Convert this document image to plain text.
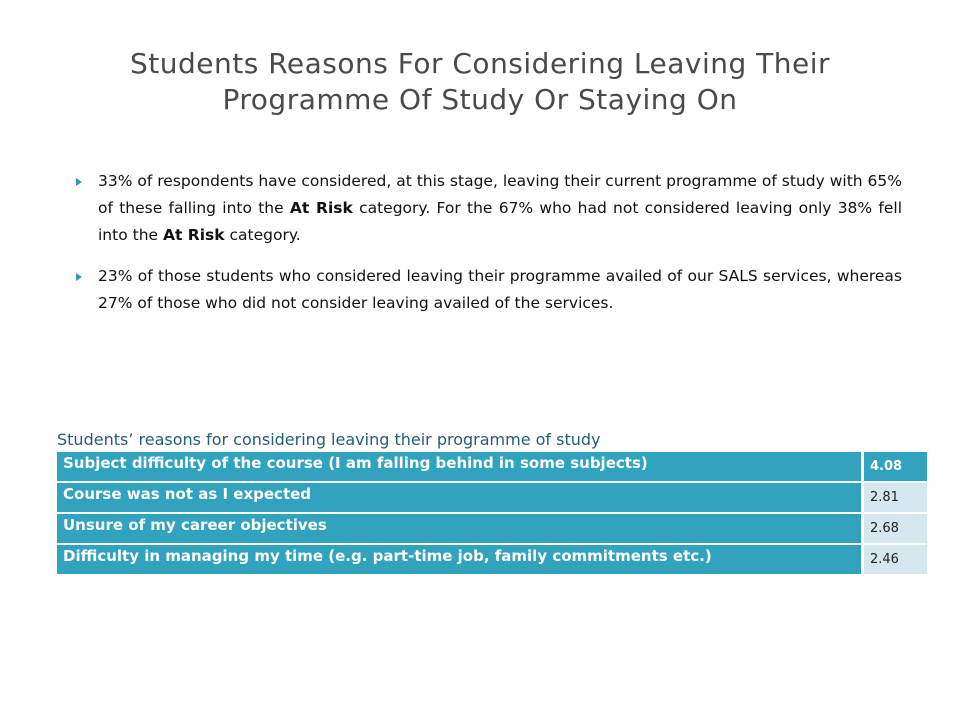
Students Reasons For Considering Leaving Their
Programme Of Study Or Staying On
33% of respondents have considered, at this stage, leaving their current programme of study with 65% of these falling into the At Risk category. For the 67% who had not considered leaving only 38% fell into the At Risk category.
23% of those students who considered leaving their programme availed of our SALS services, whereas 27% of those who did not consider leaving availed of the services.
Students’ reasons for considering leaving their programme of study
Subject difficulty of the course (I am falling behind in some subjects)	4.08
Course was not as I expected	2.81
Unsure of my career objectives	2.68
Difficulty in managing my time (e.g. part-time job, family commitments etc.)	2.46
